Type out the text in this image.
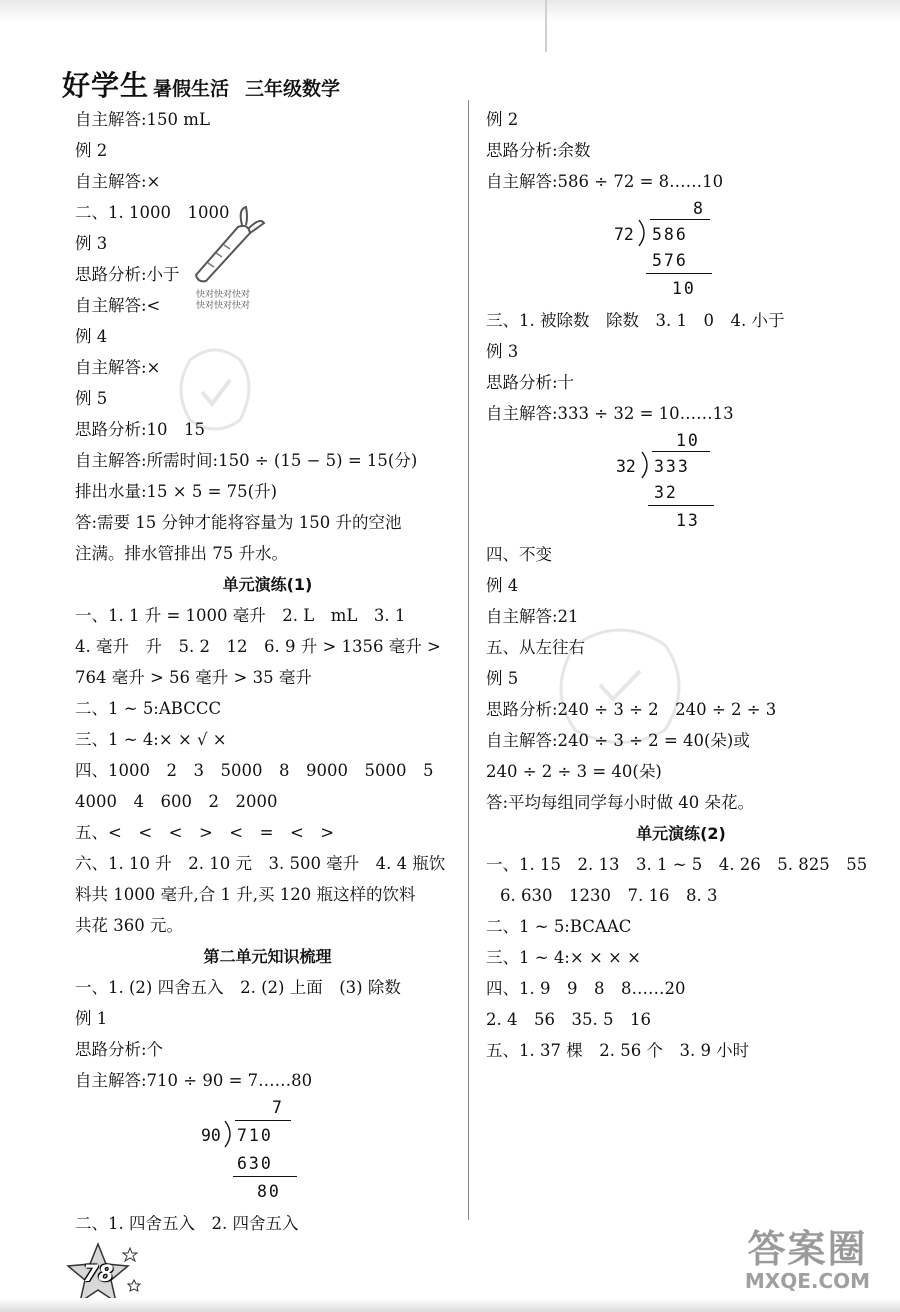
好学生 暑假生活 三年级数学
快对快对快对
快对快对快对
自主解答:150 mL
例 2
自主解答:×
二、1. 1000　1000
例 3
思路分析:小于
自主解答:<
例 4
自主解答:×
例 5
思路分析:10　15
自主解答:所需时间:150 ÷ (15 − 5) = 15(分)
排出水量:15 × 5 = 75(升)
答:需要 15 分钟才能将容量为 150 升的空池
注满。排水管排出 75 升水。
单元演练(1)
一、1. 1 升 = 1000 毫升　2. L　mL　3. 1
4. 毫升　升　5. 2　12　6. 9 升 > 1356 毫升 >
764 毫升 > 56 毫升 > 35 毫升
二、1 ~ 5:ABCCC
三、1 ~ 4:× × √ ×
四、1000　2　3　5000　8　9000　5000　5
4000　4　600　2　2000
五、<　<　<　>　<　=　<　>
六、1. 10 升　2. 10 元　3. 500 毫升　4. 4 瓶饮
料共 1000 毫升,合 1 升,买 120 瓶这样的饮料
共花 360 元。
第二单元知识梳理
一、1. (2) 四舍五入　2. (2) 上面　(3) 除数
例 1
思路分析:个
自主解答:710 ÷ 90 = 7……80
7
90 710
630
80
二、1. 四舍五入　2. 四舍五入
例 2
思路分析:余数
自主解答:586 ÷ 72 = 8……10
8
72 586
576
10
三、1. 被除数　除数　3. 1　0　4. 小于
例 3
思路分析:十
自主解答:333 ÷ 32 = 10……13
10
32 333
32
13
四、不变
例 4
自主解答:21
五、从左往右
例 5
思路分析:240 ÷ 3 ÷ 2　240 ÷ 2 ÷ 3
自主解答:240 ÷ 3 ÷ 2 = 40(朵)或
240 ÷ 2 ÷ 3 = 40(朵)
答:平均每组同学每小时做 40 朵花。
单元演练(2)
一、1. 15　2. 13　3. 1 ~ 5　4. 26　5. 825　55
6. 630　1230　7. 16　8. 3
二、1 ~ 5:BCAAC
三、1 ~ 4:× × × ×
四、1. 9　9　8　8……20
2. 4　56　35. 5　16
五、1. 37 棵　2. 56 个　3. 9 小时
78
答案圈
MXQE.COM
